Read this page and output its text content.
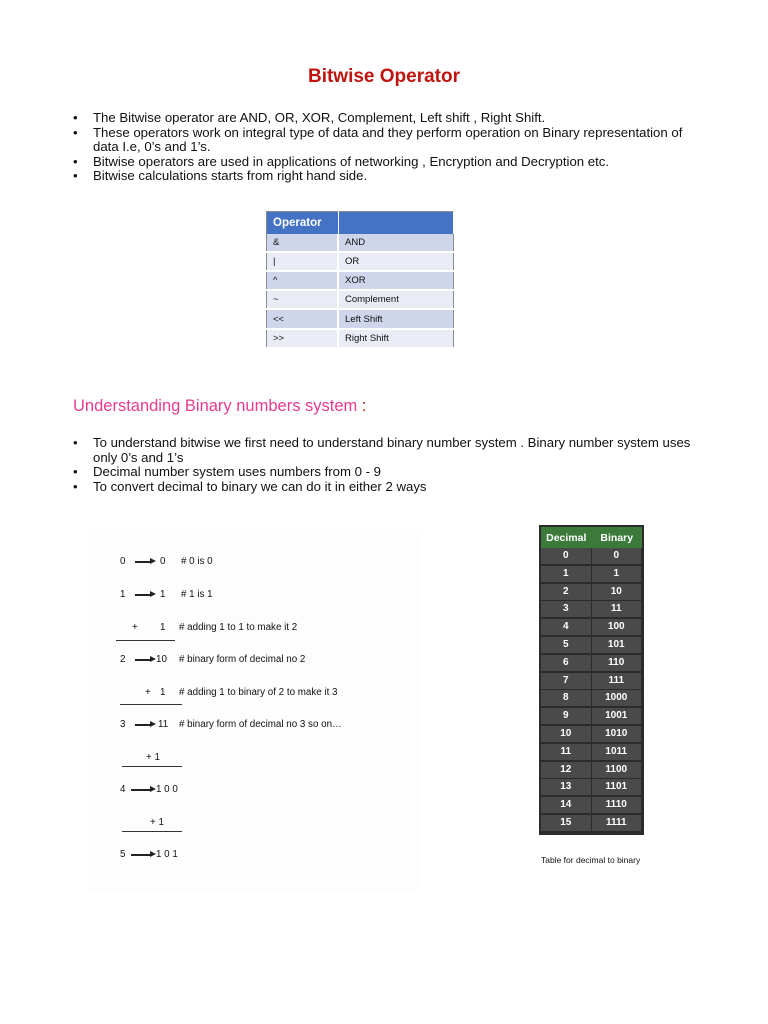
Bitwise Operator
• The Bitwise operator are AND, OR, XOR, Complement, Left shift , Right Shift.
• These operators work on integral type of data and they perform operation on Binary representation of data I.e, 0’s and 1’s.
• Bitwise operators are used in applications of networking , Encryption and Decryption etc.
• Bitwise calculations starts from right hand side.
Operator	
&	AND
|	OR
^	XOR
~	Complement
<<	Left Shift
>>	Right Shift
Understanding Binary numbers system :
• To understand bitwise we first need to understand binary number system . Binary number system uses only 0’s and 1’s
• Decimal number system uses numbers from 0 - 9
• To convert decimal to binary we can do it in either 2 ways
0	0 # 0 is 0
1	1 # 1 is 1
+ 1 # adding 1 to 1 to make it 2
2	10 # binary form of decimal no 2
+ 1 # adding 1 to binary of 2 to make it 3
3	11 # binary form of decimal no 3 so on…
+ 1
4	1 0 0
+ 1
5	1 0 1
Decimal	Binary
0	0
1	1
2	10
3	11
4	100
5	101
6	110
7	111
8	1000
9	1001
10	1010
11	1011
12	1100
13	1101
14	1110
15	1111
Table for decimal to binary
